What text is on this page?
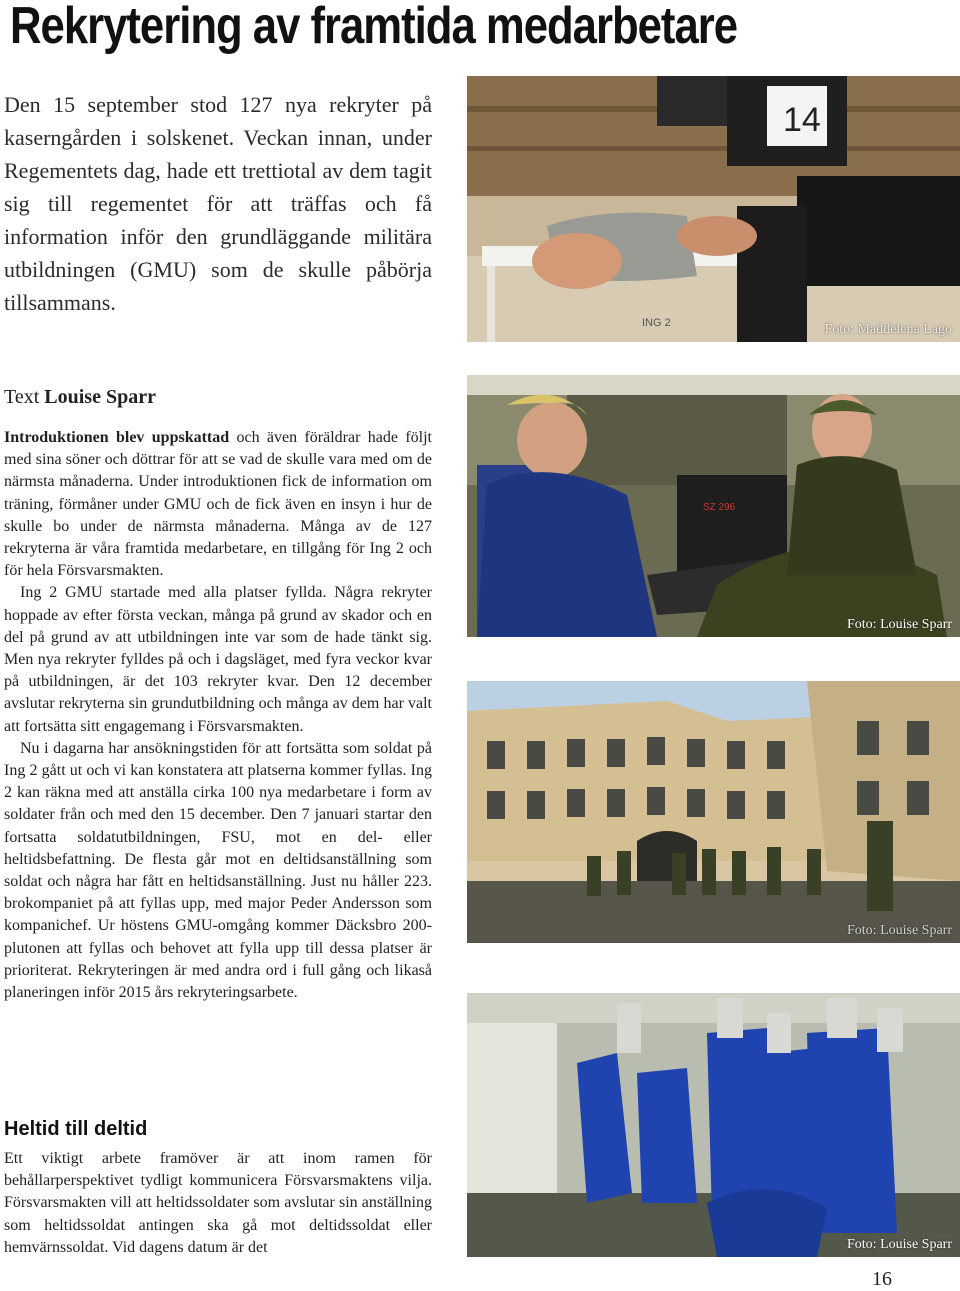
Rekrytering av framtida medarbetare
Den 15 september stod 127 nya rekryter på kaserngården i solskenet. Veckan innan, under Regementets dag, hade ett trettiotal av dem tagit sig till regementet för att träffas och få information inför den grundläggande militära utbildningen (GMU) som de skulle påbörja tillsammans.
Text Louise Sparr

Introduktionen blev uppskattad och även föräldrar hade följt med sina söner och döttrar för att se vad de skulle vara med om de närmsta månaderna. Under introduktionen fick de information om träning, förmåner under GMU och de fick även en insyn i hur de skulle bo under de närmsta månaderna. Många av de 127 rekryterna är våra framtida medarbetare, en tillgång för Ing 2 och för hela Försvarsmakten.

Ing 2 GMU startade med alla platser fyllda. Några rekryter hoppade av efter första veckan, många på grund av skador och en del på grund av att utbildningen inte var som de hade tänkt sig. Men nya rekryter fylldes på och i dagsläget, med fyra veckor kvar på utbildningen, är det 103 rekryter kvar. Den 12 december avslutar rekryterna sin grundutbildning och många av dem har valt att fortsätta sitt engagemang i Försvarsmakten.

Nu i dagarna har ansökningstiden för att fortsätta som soldat på Ing 2 gått ut och vi kan konstatera att platserna kommer fyllas. Ing 2 kan räkna med att anställa cirka 100 nya medarbetare i form av soldater från och med den 15 december. Den 7 januari startar den fortsatta soldatutbildningen, FSU, mot en del- eller heltidsbefattning. De flesta går mot en deltidsanställning som soldat och några har fått en heltidsanställning. Just nu håller 223. brokompaniet på att fyllas upp, med major Peder Andersson som kompanichef. Ur höstens GMU-omgång kommer Däcksbro 200-plutonen att fyllas och behovet att fylla upp till dessa platser är prioriterat. Rekryteringen är med andra ord i full gång och likaså planeringen inför 2015 års rekryteringsarbete.

Heltid till deltid

Ett viktigt arbete framöver är att inom ramen för behållarperspektivet tydligt kommunicera Försvarsmaktens vilja. Försvarsmakten vill att heltidssoldater som avslutar sin anställning som heltidssoldat antingen ska gå mot deltidssoldat eller hemvärnssoldat. Vid dagens datum är det

14
ING 2	Foto: Maddelena Lago
SZ 296
Foto: Louise Sparr
Foto: Louise Sparr
Foto: Louise Sparr
16
